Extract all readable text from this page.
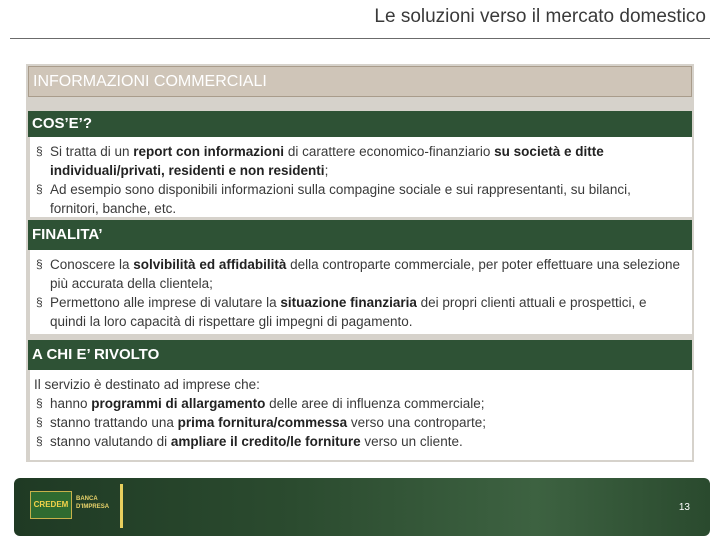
Le soluzioni verso il mercato domestico
INFORMAZIONI COMMERCIALI
COS’E’?
§ Si tratta di un report con informazioni di carattere economico-finanziario su società e ditte individuali/privati, residenti e non residenti;
§ Ad esempio sono disponibili informazioni sulla compagine sociale e sui rappresentanti, su bilanci, fornitori, banche, etc.
FINALITA’
§ Conoscere la solvibilità ed affidabilità della controparte commerciale, per poter effettuare una selezione più accurata della clientela;
§ Permettono alle imprese di valutare la situazione finanziaria dei propri clienti attuali e prospettici, e quindi la loro capacità di rispettare gli impegni di pagamento.
A CHI E’ RIVOLTO
Il servizio è destinato ad imprese che:
§ hanno programmi di allargamento delle aree di influenza commerciale;
§ stanno trattando una prima fornitura/commessa verso una controparte;
§ stanno valutando di ampliare il credito/le forniture verso un cliente.
CREDEM
BANCA D'IMPRESA	13
